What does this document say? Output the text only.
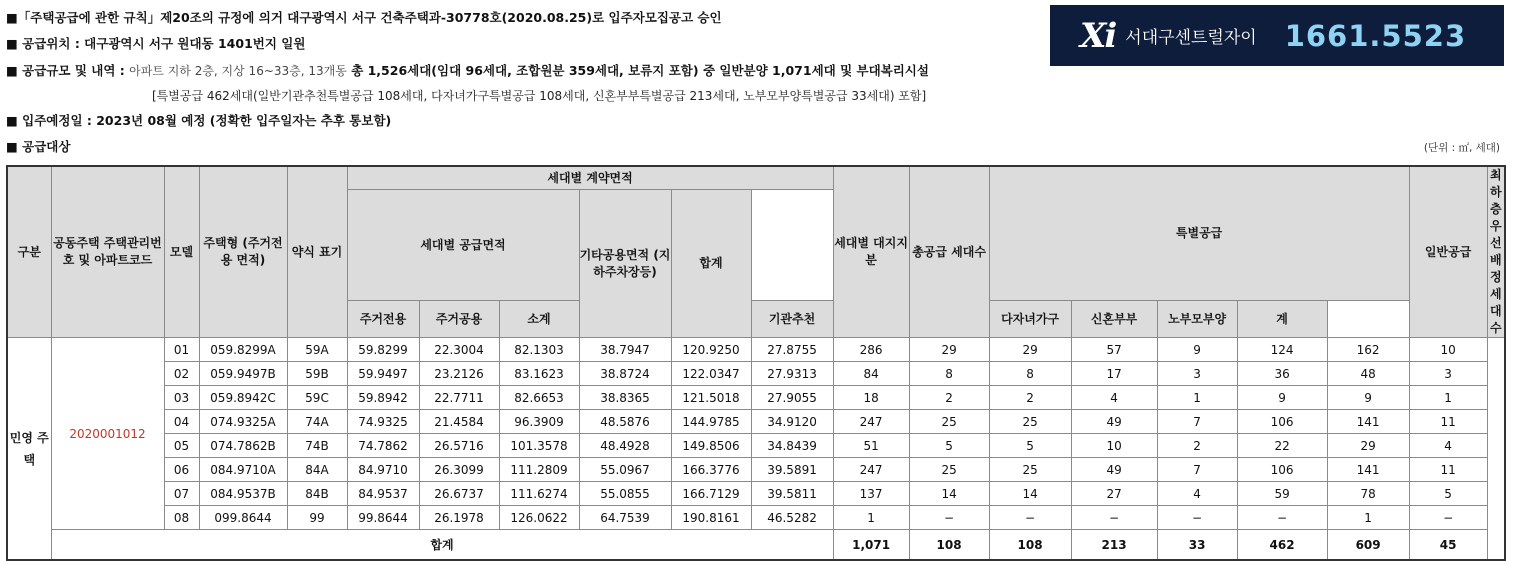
■「주택공급에 관한 규칙」제20조의 규정에 의거 대구광역시 서구 건축주택과-30778호(2020.08.25)로 입주자모집공고 승인
■ 공급위치 : 대구광역시 서구 원대동 1401번지 일원
■ 공급규모 및 내역 : 아파트 지하 2층, 지상 16~33층, 13개동 총 1,526세대(임대 96세대, 조합원분 359세대, 보류지 포함) 중 일반분양 1,071세대 및 부대복리시설
[특별공급 462세대(일반기관추천특별공급 108세대, 다자녀가구특별공급 108세대, 신혼부부특별공급 213세대, 노부모부양특별공급 33세대) 포함]
■ 입주예정일 : 2023년 08월 예정 (정확한 입주일자는 추후 통보함)
■ 공급대상	(단위 : ㎡, 세대)
Xi 서대구센트럴자이 1661.5523
구분	공동주택 주택관리번호 및 아파트코드	모델	주택형 (주거전용 면적)	약식 표기	세대별 계약면적						세대별 대지지분	총공급 세대수	특별공급					일반공급	최하층 우선배정 세대수
					세대별 공급면적			기타공용면적 (지하주차장등)	합계										
					주거전용	주거공용	소계			기관추천			다자녀가구	신혼부부	노부모부양	계			
민영 주택	2020001012	01	059.8299A	59A	59.8299	22.3004	82.1303	38.7947	120.9250	27.8755	286	29	29	57	9	124	162	10	
		02	059.9497B	59B	59.9497	23.2126	83.1623	38.8724	122.0347	27.9313	84	8	8	17	3	36	48	3	
		03	059.8942C	59C	59.8942	22.7711	82.6653	38.8365	121.5018	27.9055	18	2	2	4	1	9	9	1	
		04	074.9325A	74A	74.9325	21.4584	96.3909	48.5876	144.9785	34.9120	247	25	25	49	7	106	141	11	
		05	074.7862B	74B	74.7862	26.5716	101.3578	48.4928	149.8506	34.8439	51	5	5	10	2	22	29	4	
		06	084.9710A	84A	84.9710	26.3099	111.2809	55.0967	166.3776	39.5891	247	25	25	49	7	106	141	11	
		07	084.9537B	84B	84.9537	26.6737	111.6274	55.0855	166.7129	39.5811	137	14	14	27	4	59	78	5	
		08	099.8644	99	99.8644	26.1978	126.0622	64.7539	190.8161	46.5282	1	−	−	−	−	−	1	−	
	합계										1,071	108	108	213	33	462	609	45	
